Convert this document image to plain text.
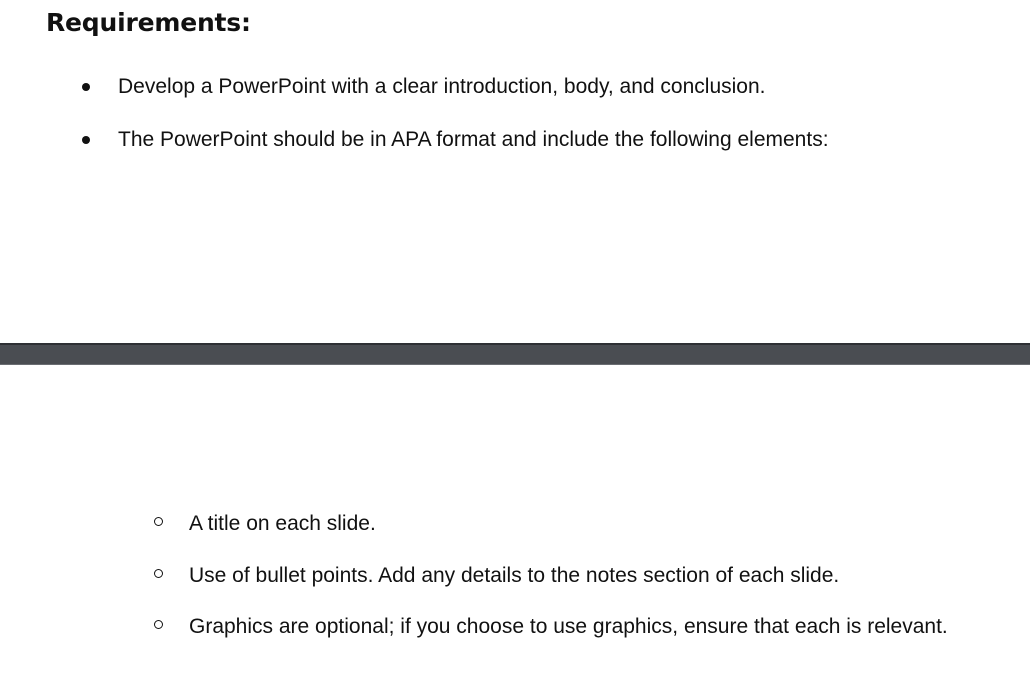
Requirements:
Develop a PowerPoint with a clear introduction, body, and conclusion.
The PowerPoint should be in APA format and include the following elements:
A title on each slide.
Use of bullet points. Add any details to the notes section of each slide.
Graphics are optional; if you choose to use graphics, ensure that each is relevant.
